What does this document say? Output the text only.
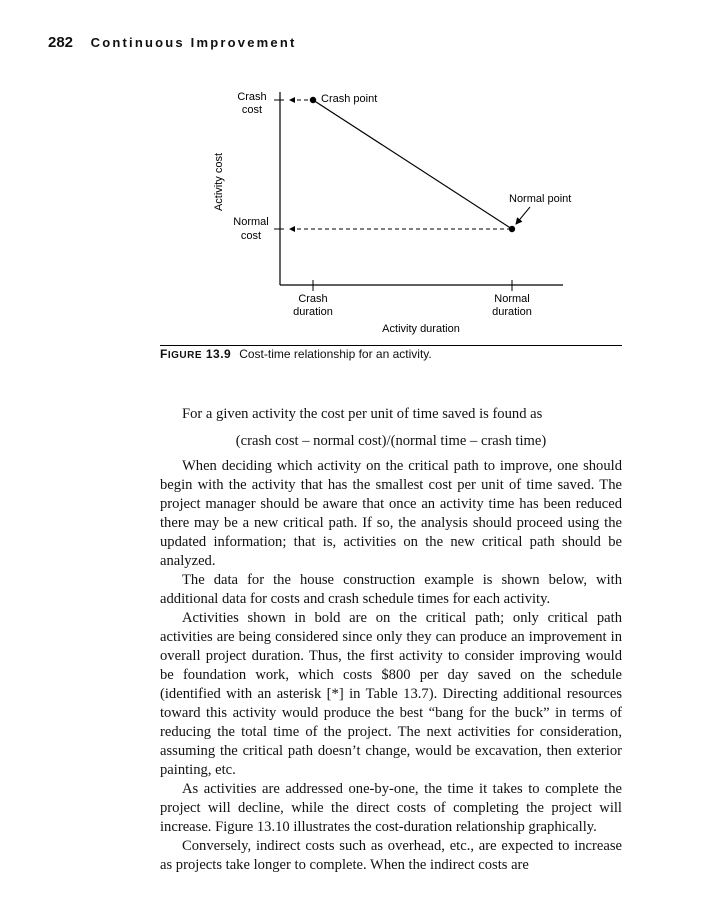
282 Continuous Improvement
Crash point
Normal point
Crash
cost
Normal
cost
Crash
duration
Normal
duration
Activity duration
Activity cost
FIGURE 13.9 Cost-time relationship for an activity.

For a given activity the cost per unit of time saved is found as

(crash cost – normal cost)/(normal time – crash time)

When deciding which activity on the critical path to improve, one should begin with the activity that has the smallest cost per unit of time saved. The project manager should be aware that once an activity time has been reduced there may be a new critical path. If so, the analysis should proceed using the updated information; that is, activities on the new critical path should be analyzed.

The data for the house construction example is shown below, with additional data for costs and crash schedule times for each activity.

Activities shown in bold are on the critical path; only critical path activities are being considered since only they can produce an improvement in overall project duration. Thus, the first activity to consider improving would be foundation work, which costs $800 per day saved on the schedule (identified with an asterisk [*] in Table 13.7). Directing additional resources toward this activity would produce the best “bang for the buck” in terms of reducing the total time of the project. The next activities for consideration, assuming the critical path doesn’t change, would be excavation, then exterior painting, etc.

As activities are addressed one-by-one, the time it takes to complete the project will decline, while the direct costs of completing the project will increase. Figure 13.10 illustrates the cost-duration relationship graphically.

Conversely, indirect costs such as overhead, etc., are expected to increase as projects take longer to complete. When the indirect costs are
